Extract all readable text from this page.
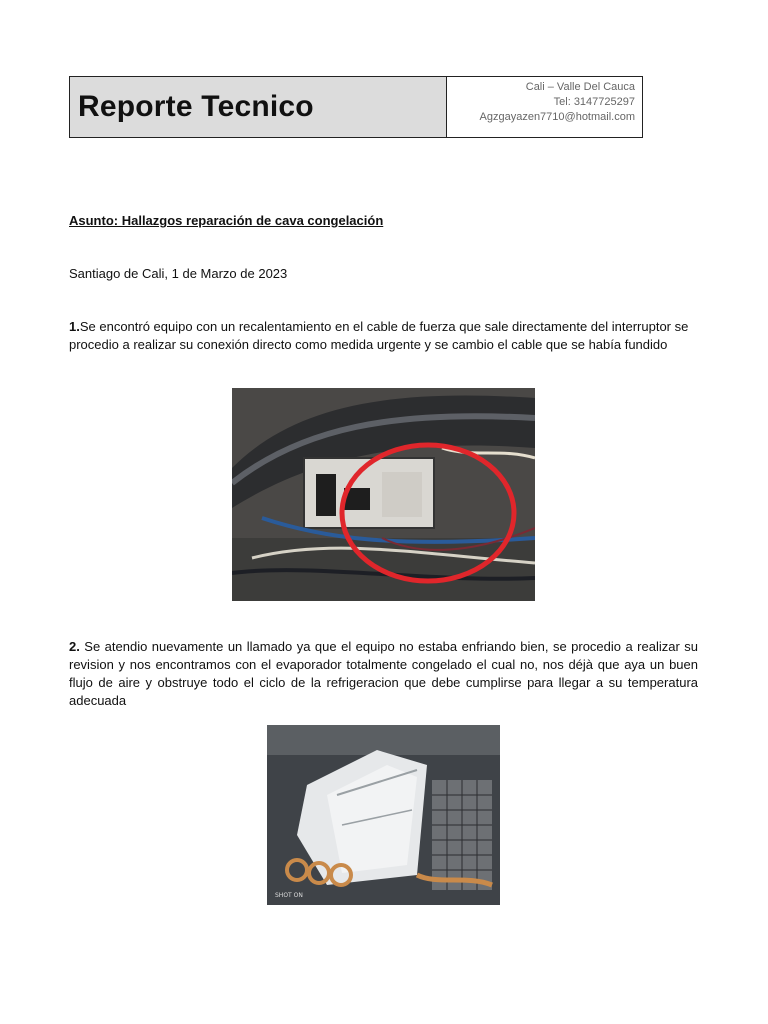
Reporte Tecnico
Cali – Valle Del Cauca
Tel: 3147725297
Agzgayazen7710@hotmail.com
Asunto: Hallazgos reparación de cava congelación
Santiago de Cali, 1 de Marzo de 2023

1.Se encontró equipo con un recalentamiento en el cable de fuerza que sale directamente del interruptor se procedio a realizar su conexión directo como medida urgente y se cambio el cable que se había fundido

2. Se atendio nuevamente un llamado ya que el equipo no estaba enfriando bien, se procedio a realizar su revision y nos encontramos con el evaporador totalmente congelado el cual no, nos déjà que aya un buen flujo de aire y obstruye todo el ciclo de la refrigeracion que debe cumplirse para llegar a su temperatura adecuada

SHOT ON
